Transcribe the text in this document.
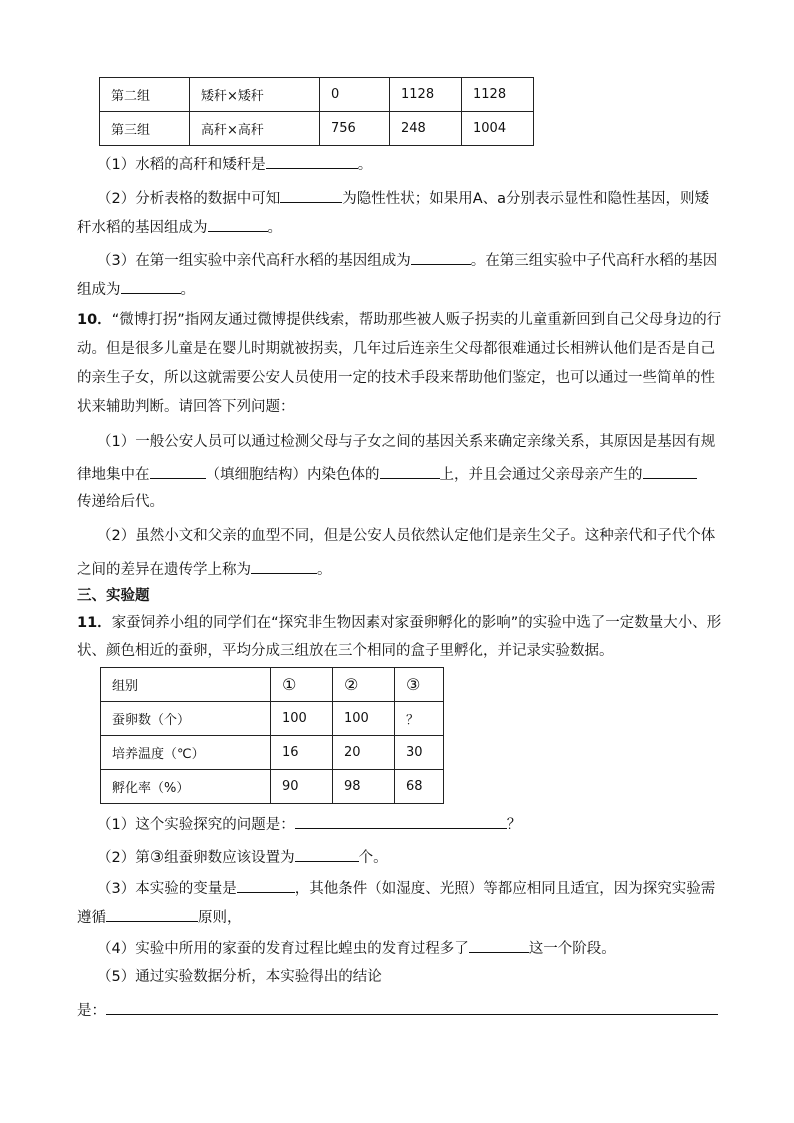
第二组	矮秆×矮秆	0	1128	1128
第三组	高秆×高秆	756	248	1004
（1）水稻的高秆和矮秆是	。
（2）分析表格的数据中可知	为隐性性状；如果用A、a分别表示显性和隐性基因，则矮
秆水稻的基因组成为	。
（3）在第一组实验中亲代高秆水稻的基因组成为	。在第三组实验中子代高秆水稻的基因
组成为	。
10．“微博打拐”指网友通过微博提供线索，帮助那些被人贩子拐卖的儿童重新回到自己父母身边的行
动。但是很多儿童是在婴儿时期就被拐卖，几年过后连亲生父母都很难通过长相辨认他们是否是自己
的亲生子女，所以这就需要公安人员使用一定的技术手段来帮助他们鉴定，也可以通过一些简单的性
状来辅助判断。请回答下列问题：
（1）一般公安人员可以通过检测父母与子女之间的基因关系来确定亲缘关系，其原因是基因有规
律地集中在	（填细胞结构）内染色体的	上，并且会通过父亲母亲产生的
传递给后代。
（2）虽然小文和父亲的血型不同，但是公安人员依然认定他们是亲生父子。这种亲代和子代个体
之间的差异在遗传学上称为	。
三、实验题
11．家蚕饲养小组的同学们在“探究非生物因素对家蚕卵孵化的影响”的实验中选了一定数量大小、形
状、颜色相近的蚕卵，平均分成三组放在三个相同的盒子里孵化，并记录实验数据。
组别	①	②	③
蚕卵数（个）	100	100	？
培养温度（℃）	16	20	30
孵化率（%）	90	98	68
（1）这个实验探究的问题是：	？
（2）第③组蚕卵数应该设置为	个。
（3）本实验的变量是	，其他条件（如湿度、光照）等都应相同且适宜，因为探究实验需
遵循	原则，
（4）实验中所用的家蚕的发育过程比蝗虫的发育过程多了	这一个阶段。
（5）通过实验数据分析，本实验得出的结论
是：
